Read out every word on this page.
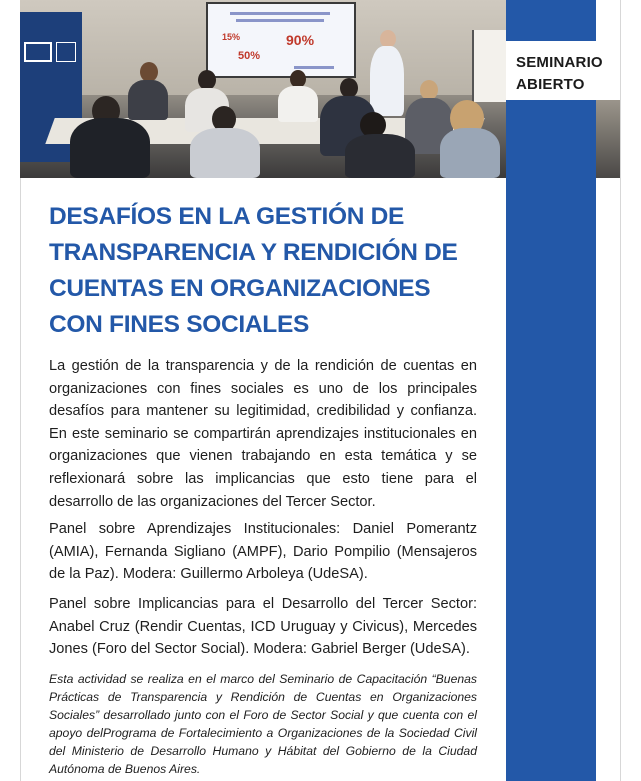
15%	90%
50%	SEMINARIO
ABIERTO
DESAFÍOS EN LA GESTIÓN DE TRANSPARENCIA Y RENDICIÓN DE CUENTAS EN ORGANIZACIONES CON FINES SOCIALES

La gestión de la transparencia y de la rendición de cuentas en organizaciones con fines sociales es uno de los principales desafíos para mantener su legitimidad, credibilidad y confianza. En este seminario se compartirán aprendizajes institucionales en organizaciones que vienen trabajando en esta temática y se reflexionará sobre las implicancias que esto tiene para el desarrollo de las organizaciones del Tercer Sector.

Panel sobre Aprendizajes Institucionales: Daniel Pomerantz (AMIA), Fernanda Sigliano (AMPF), Dario Pompilio (Mensajeros de la Paz). Modera: Guillermo Arboleya (UdeSA).

Panel sobre Implicancias para el Desarrollo del Tercer Sector: Anabel Cruz (Rendir Cuentas, ICD Uruguay y Civicus), Mercedes Jones (Foro del Sector Social). Modera: Gabriel Berger (UdeSA).

Esta actividad se realiza en el marco del Seminario de Capacitación “Buenas Prácticas de Transparencia y Rendición de Cuentas en Organizaciones Sociales” desarrollado junto con el Foro de Sector Social y que cuenta con el apoyo delPrograma de Fortalecimiento a Organizaciones de la Sociedad Civil del Ministerio de Desarrollo Humano y Hábitat del Gobierno de la Ciudad Autónoma de Buenos Aires.
